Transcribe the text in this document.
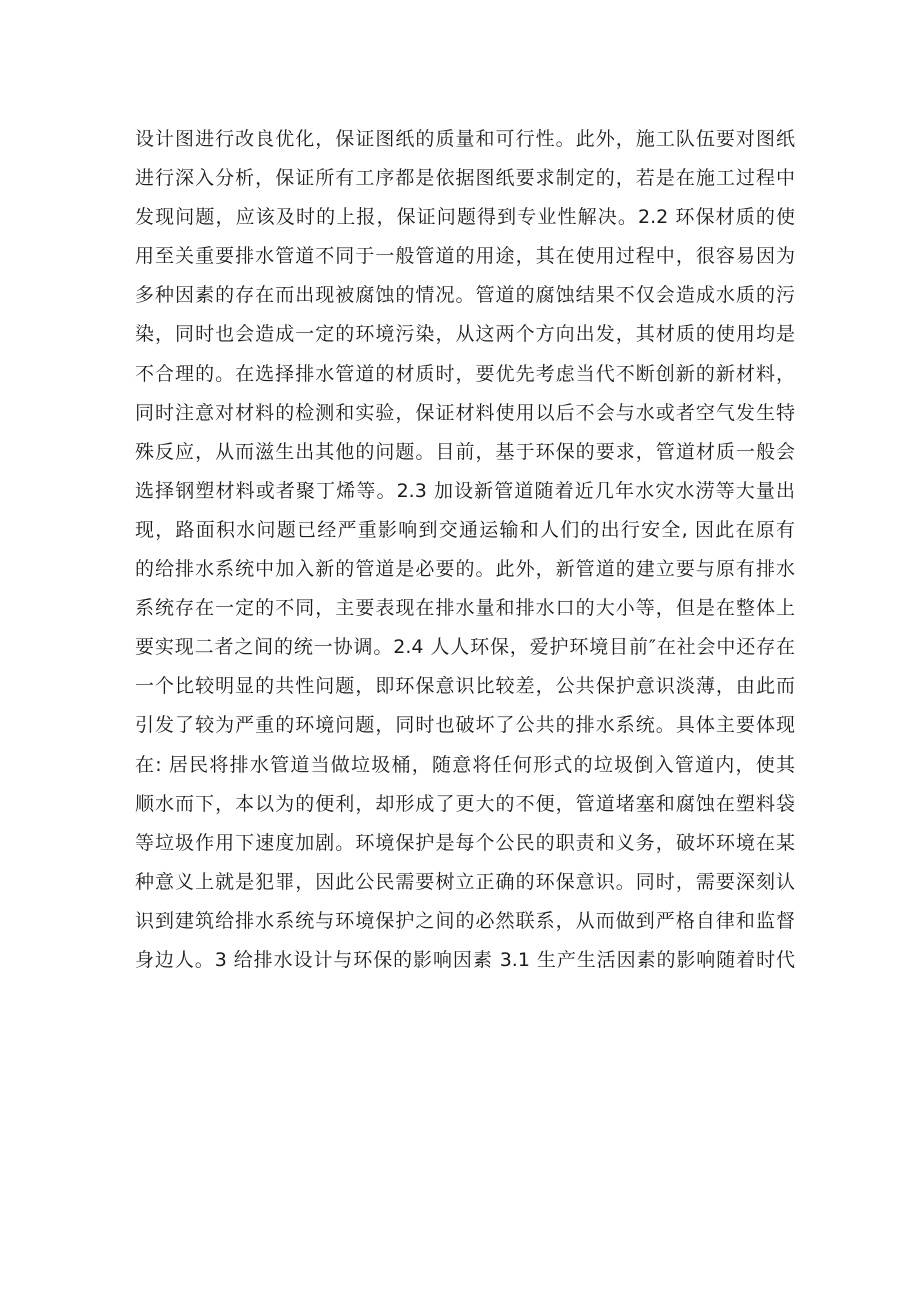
设计图进行改良优化，保证图纸的质量和可行性。此外，施工队伍要对图纸
进行深入分析，保证所有工序都是依据图纸要求制定的，若是在施工过程中
发现问题，应该及时的上报，保证问题得到专业性解决。2.2 环保材质的使
用至关重要排水管道不同于一般管道的用途，其在使用过程中，很容易因为
多种因素的存在而出现被腐蚀的情况。管道的腐蚀结果不仅会造成水质的污
染，同时也会造成一定的环境污染，从这两个方向出发，其材质的使用均是
不合理的。在选择排水管道的材质时，要优先考虑当代不断创新的新材料，
同时注意对材料的检测和实验，保证材料使用以后不会与水或者空气发生特
殊反应，从而滋生出其他的问题。目前，基于环保的要求，管道材质一般会
选择钢塑材料或者聚丁烯等。2.3 加设新管道随着近几年水灾水涝等大量出
现，路面积水问题已经严重影响到交通运输和人们的出行安全, 因此在原有
的给排水系统中加入新的管道是必要的。此外，新管道的建立要与原有排水
系统存在一定的不同，主要表现在排水量和排水口的大小等，但是在整体上
要实现二者之间的统一协调。2.4 人人环保，爱护环境目前″在社会中还存在
一个比较明显的共性问题，即环保意识比较差，公共保护意识淡薄，由此而
引发了较为严重的环境问题，同时也破坏了公共的排水系统。具体主要体现
在: 居民将排水管道当做垃圾桶，随意将任何形式的垃圾倒入管道内，使其
顺水而下，本以为的便利，却形成了更大的不便，管道堵塞和腐蚀在塑料袋
等垃圾作用下速度加剧。环境保护是每个公民的职责和义务，破坏环境在某
种意义上就是犯罪，因此公民需要树立正确的环保意识。同时，需要深刻认
识到建筑给排水系统与环境保护之间的必然联系，从而做到严格自律和监督
身边人。3 给排水设计与环保的影响因素 3.1 生产生活因素的影响随着时代
